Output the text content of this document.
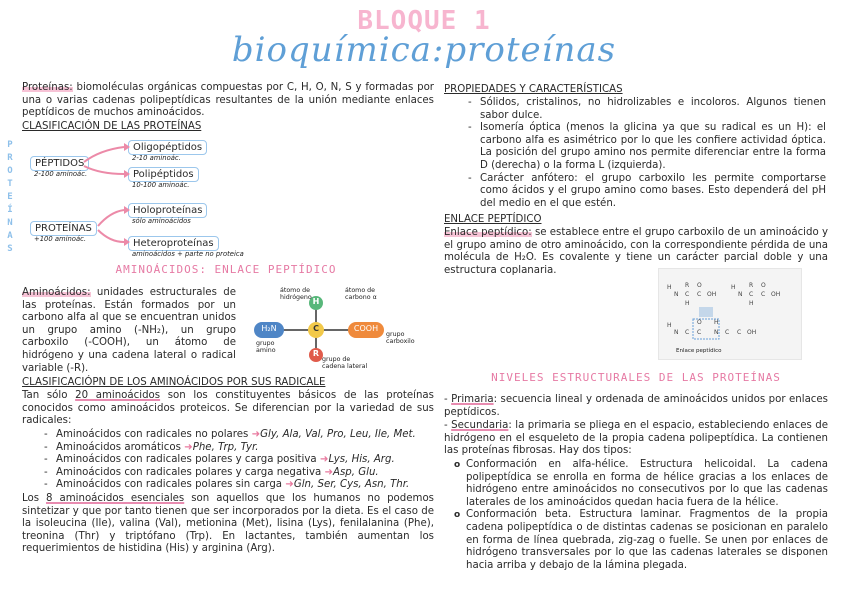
BLOQUE 1
bioquímica:proteínas
Proteínas: biomoléculas orgánicas compuestas por C, H, O, N, S y formadas por una o varias cadenas polipeptídicas resultantes de la unión mediante enlaces peptídicos de muchos aminoácidos.
CLASIFICACIÓN DE LAS PROTEÍNAS
PROTEÍNAS	PÉPTIDOS
2-100 aminoác.
Oligopéptidos
2-10 aminoác.
Polipéptidos
10-100 aminoác.
PROTEÍNAS
+100 aminoác.
Holoproteínas
sólo aminoácidos
Heteroproteínas
aminoácidos + parte no proteica
AMINOÁCIDOS: ENLACE PEPTÍDICO
Aminoácidos: unidades estructurales de las proteínas. Están formados por un carbono alfa al que se encuentran unidos un grupo amino (-NH₂), un grupo carboxilo (-COOH), un átomo de hidrógeno y una cadena lateral o radical variable (-R).
H
C
R
H₂N	COOH
átomo de hidrógeno
átomo de carbono α
grupo amino
grupo carboxilo
grupo de cadena lateral
CLASIFICACIÓPN DE LOS AMINOÁCIDOS POR SUS RADICALE
Tan sólo 20 aminoácidos son los constituyentes básicos de las proteínas conocidos como aminoácidos proteicos. Se diferencian por la variedad de sus radicales:
- Aminoácidos con radicales no polares ➜Gly, Ala, Val, Pro, Leu, Ile, Met.
- Aminoácidos aromáticos ➜Phe, Trp, Tyr.
- Aminoácidos con radicales polares y carga positiva ➜Lys, His, Arg.
- Aminoácidos con radicales polares y carga negativa ➜Asp, Glu.
- Aminoácidos con radicales polares sin carga ➜Gln, Ser, Cys, Asn, Thr.
Los 8 aminoácidos esenciales son aquellos que los humanos no podemos sintetizar y que por tanto tienen que ser incorporados por la dieta. Es el caso de la isoleucina (Ile), valina (Val), metionina (Met), lisina (Lys), fenilalanina (Phe), treonina (Thr) y triptófano (Trp). En lactantes, también aumentan los requerimientos de histidina (His) y arginina (Arg).
PROPIEDADES Y CARACTERÍSTICAS
- Sólidos, cristalinos, no hidrolizables e incoloros. Algunos tienen sabor dulce.
- Isomería óptica (menos la glicina ya que su radical es un H): el carbono alfa es asimétrico por lo que les confiere actividad óptica. La posición del grupo amino nos permite diferenciar entre la forma D (derecha) o la forma L (izquierda).
- Carácter anfótero: el grupo carboxilo les permite comportarse como ácidos y el grupo amino como bases. Esto dependerá del pH del medio en el que estén.
ENLACE PEPTÍDICO
Enlace peptídico: se establece entre el grupo carboxilo de un aminoácido y el grupo amino de otro aminoácido, con la correspondiente pérdida de una molécula de H₂O. Es covalente y tiene un carácter parcial doble y una estructura coplanaria.
H
N C C OH
R
H
O	H
N C C OH
R
H
O
H
N C C N C C OH
O H
Enlace peptídico
NIVELES ESTRUCTURALES DE LAS PROTEÍNAS
- Primaria: secuencia lineal y ordenada de aminoácidos unidos por enlaces peptídicos.
- Secundaria: la primaria se pliega en el espacio, estableciendo enlaces de hidrógeno en el esqueleto de la propia cadena polipeptídica. La contienen las proteínas fibrosas. Hay dos tipos:
o Conformación en alfa-hélice. Estructura helicoidal. La cadena polipeptídica se enrolla en forma de hélice gracias a los enlaces de hidrógeno entre aminoácidos no consecutivos por lo que las cadenas laterales de los aminoácidos quedan hacia fuera de la hélice.
o Conformación beta. Estructura laminar. Fragmentos de la propia cadena polipeptídica o de distintas cadenas se posicionan en paralelo en forma de línea quebrada, zig-zag o fuelle. Se unen por enlaces de hidrógeno transversales por lo que las cadenas laterales se disponen hacia arriba y debajo de la lámina plegada.
